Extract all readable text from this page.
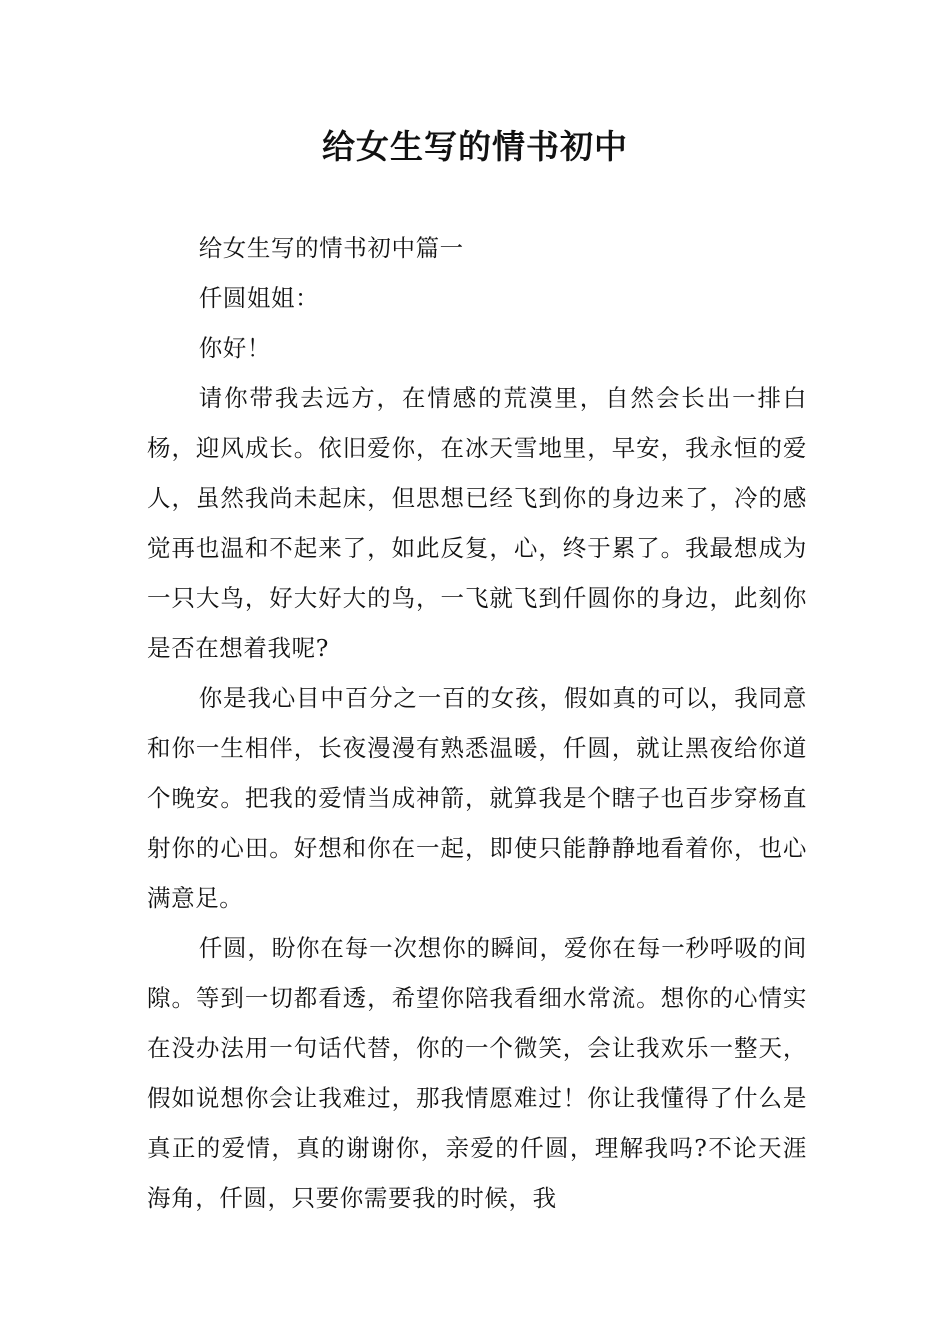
给女生写的情书初中

给女生写的情书初中篇一

仟圆姐姐：

你好！

请你带我去远方，在情感的荒漠里，自然会长出一排白杨，迎风成长。依旧爱你，在冰天雪地里，早安，我永恒的爱人，虽然我尚未起床，但思想已经飞到你的身边来了，冷的感觉再也温和不起来了，如此反复，心，终于累了。我最想成为一只大鸟，好大好大的鸟，一飞就飞到仟圆你的身边，此刻你是否在想着我呢?

你是我心目中百分之一百的女孩，假如真的可以，我同意和你一生相伴，长夜漫漫有熟悉温暖，仟圆，就让黑夜给你道个晚安。把我的爱情当成神箭，就算我是个瞎子也百步穿杨直射你的心田。好想和你在一起，即使只能静静地看着你，也心满意足。

仟圆，盼你在每一次想你的瞬间，爱你在每一秒呼吸的间隙。等到一切都看透，希望你陪我看细水常流。想你的心情实在没办法用一句话代替，你的一个微笑，会让我欢乐一整天，假如说想你会让我难过，那我情愿难过！你让我懂得了什么是真正的爱情，真的谢谢你，亲爱的仟圆，理解我吗?不论天涯海角，仟圆，只要你需要我的时候，我
